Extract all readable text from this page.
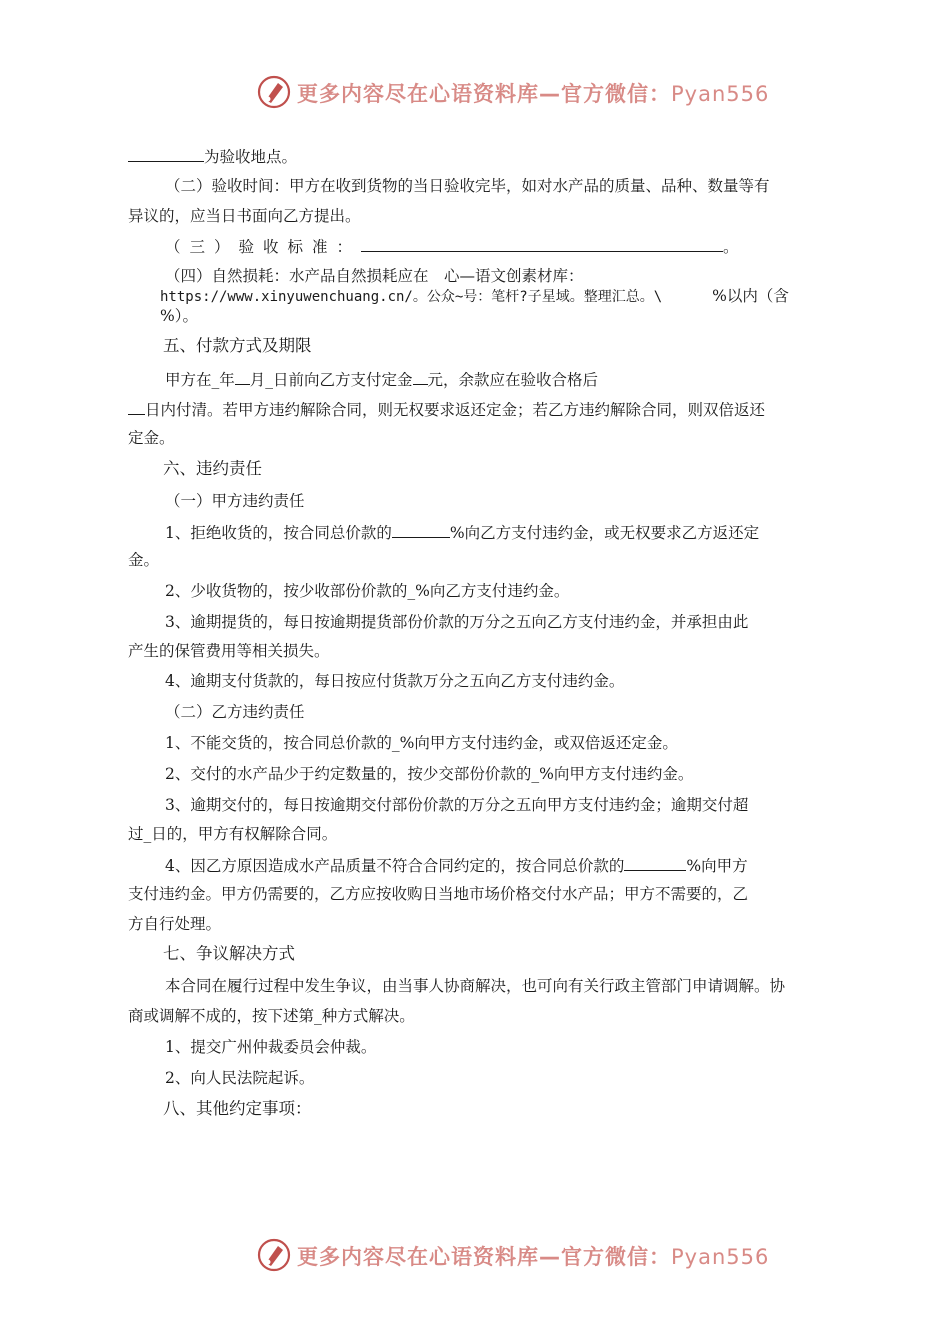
更多内容尽在心语资料库—官方微信：Pyan556
更多内容尽在心语资料库—官方微信：Pyan556
为验收地点。
（二）验收时间：甲方在收到货物的当日验收完毕，如对水产品的质量、品种、数量等有
异议的，应当日书面向乙方提出。
（三）验收标准：	。
（四）自然损耗：水产品自然损耗应在　心—语文创素材库：
https://www.xinyuwenchuang.cn/。公众~号：笔杆?子星域。整理汇总。\	%以内（含
%）。
五、付款方式及期限
甲方在_年 月_日前向乙方支付定金 元，余款应在验收合格后
日内付清。若甲方违约解除合同，则无权要求返还定金；若乙方违约解除合同，则双倍返还
定金。
六、违约责任
（一）甲方违约责任
1、拒绝收货的，按合同总价款的	%向乙方支付违约金，或无权要求乙方返还定
金。
2、少收货物的，按少收部份价款的_%向乙方支付违约金。
3、逾期提货的，每日按逾期提货部份价款的万分之五向乙方支付违约金，并承担由此
产生的保管费用等相关损失。
4、逾期支付货款的，每日按应付货款万分之五向乙方支付违约金。
（二）乙方违约责任
1、不能交货的，按合同总价款的_%向甲方支付违约金，或双倍返还定金。
2、交付的水产品少于约定数量的，按少交部份价款的_%向甲方支付违约金。
3、逾期交付的，每日按逾期交付部份价款的万分之五向甲方支付违约金；逾期交付超
过_日的，甲方有权解除合同。
4、因乙方原因造成水产品质量不符合合同约定的，按合同总价款的	%向甲方
支付违约金。甲方仍需要的，乙方应按收购日当地市场价格交付水产品；甲方不需要的，乙
方自行处理。
七、争议解决方式
本合同在履行过程中发生争议，由当事人协商解决，也可向有关行政主管部门申请调解。协
商或调解不成的，按下述第_种方式解决。
1、提交广州仲裁委员会仲裁。
2、向人民法院起诉。
八、其他约定事项：
